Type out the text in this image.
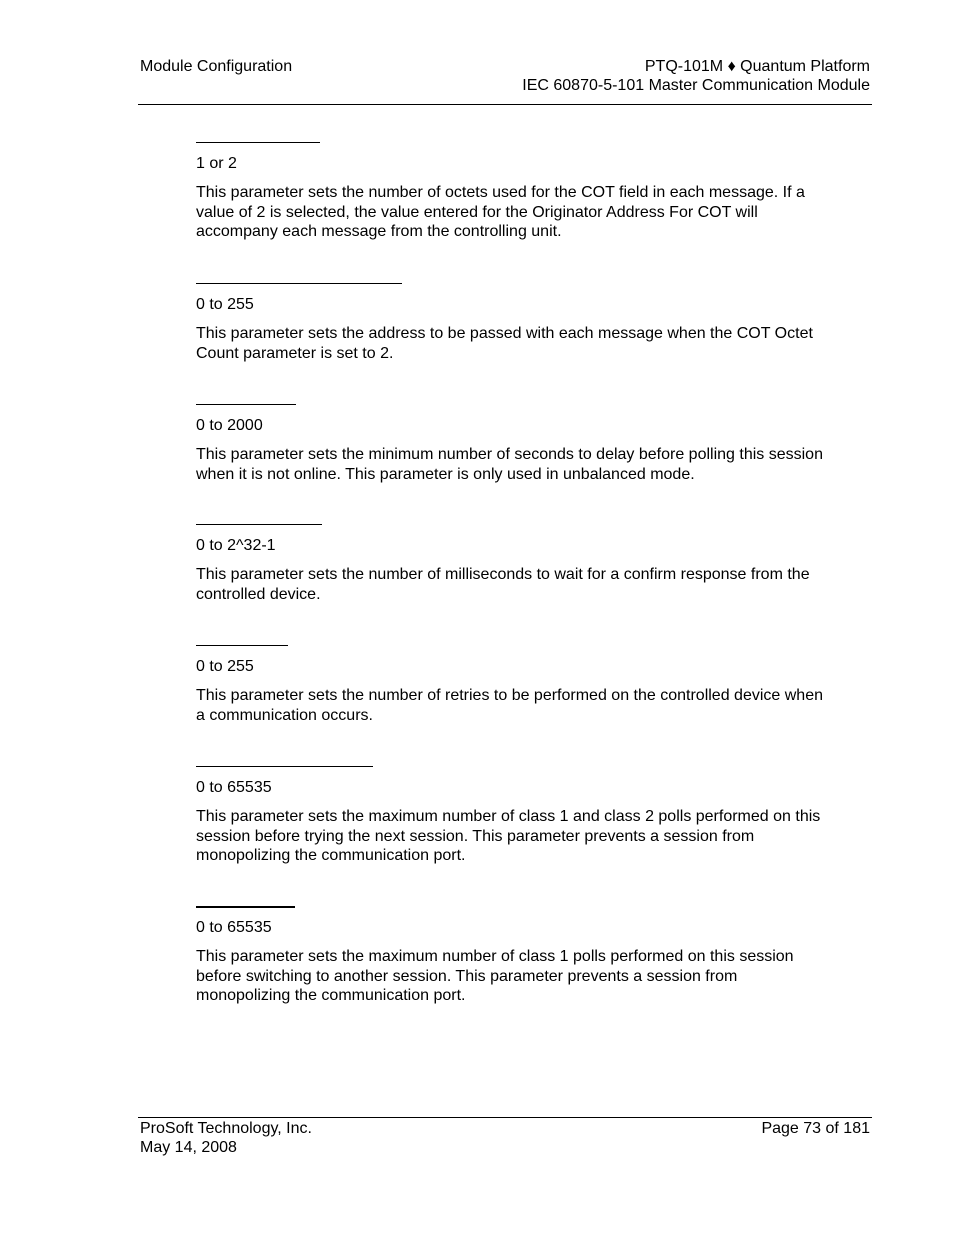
Module Configuration	PTQ-101M ♦ Quantum Platform
IEC 60870-5-101 Master Communication Module
1 or 2

This parameter sets the number of octets used for the COT field in each message. If a value of 2 is selected, the value entered for the Originator Address For COT will accompany each message from the controlling unit.

0 to 255

This parameter sets the address to be passed with each message when the COT Octet Count parameter is set to 2.

0 to 2000

This parameter sets the minimum number of seconds to delay before polling this session when it is not online. This parameter is only used in unbalanced mode.

0 to 2^32-1

This parameter sets the number of milliseconds to wait for a confirm response from the controlled device.

0 to 255

This parameter sets the number of retries to be performed on the controlled device when a communication occurs.

0 to 65535

This parameter sets the maximum number of class 1 and class 2 polls performed on this session before trying the next session. This parameter prevents a session from monopolizing the communication port.

0 to 65535

This parameter sets the maximum number of class 1 polls performed on this session before switching to another session. This parameter prevents a session from monopolizing the communication port.

ProSoft Technology, Inc.
May 14, 2008
Page 73 of 181
